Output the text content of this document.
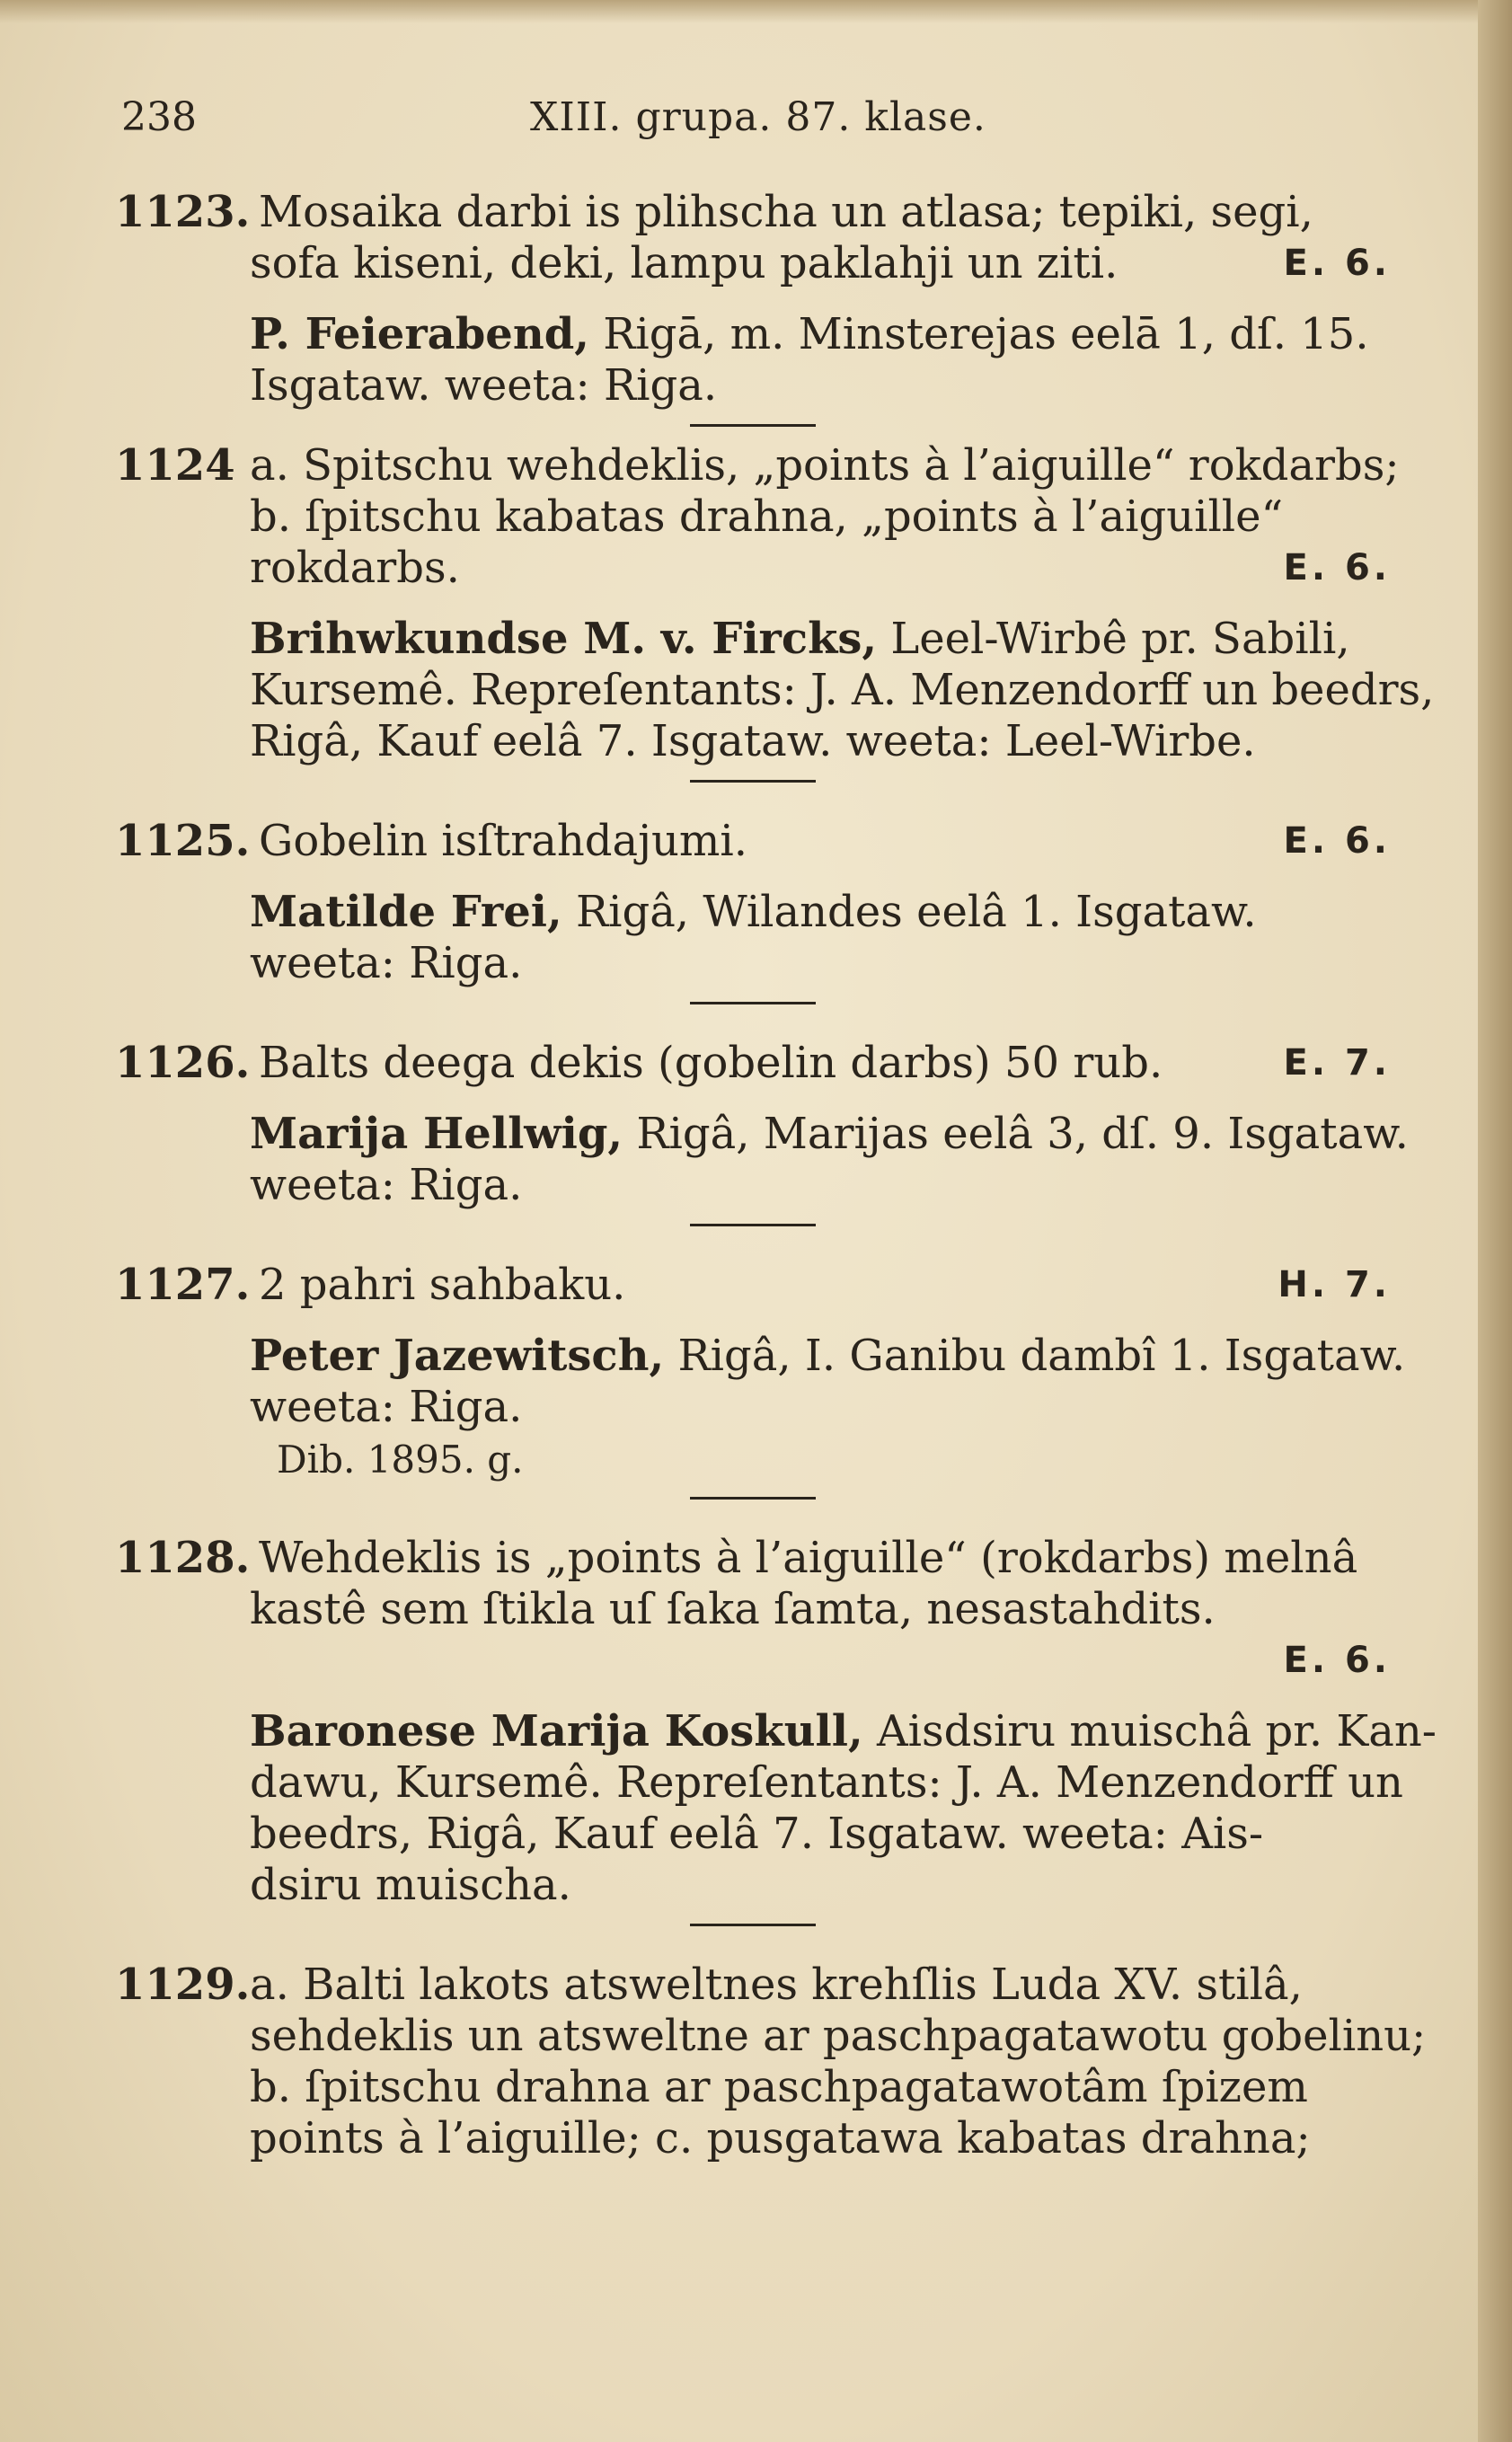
238	XIII. grupa. 87. klase.
1123. Mosaika darbi is plihscha un atlasa; tepiki, segi,
sofa kiseni, deki, lampu paklahji un ziti.	E. 6.
P. Feierabend, Rigā, m. Minsterejas eelā 1, dſ. 15.
Isgataw. weeta: Riga.
1124 a. Spitschu wehdeklis, „points à l’aiguille“ rokdarbs;
b. ſpitschu kabatas drahna, „points à l’aiguille“
rokdarbs.	E. 6.
Brihwkundse M. v. Fircks, Leel-Wirbê pr. Sabili,
Kursemê. Repreſentants: J. A. Menzendorff un beedrs,
Rigâ, Kauf eelâ 7. Isgataw. weeta: Leel-Wirbe.
1125. Gobelin isſtrahdajumi.	E. 6.
Matilde Frei, Rigâ, Wilandes eelâ 1. Isgataw.
weeta: Riga.
1126. Balts deega dekis (gobelin darbs) 50 rub.	E. 7.
Marija Hellwig, Rigâ, Marijas eelâ 3, dſ. 9. Isgataw.
weeta: Riga.
1127. 2 pahri sahbaku.	H. 7.
Peter Jazewitsch, Rigâ, I. Ganibu dambî 1. Isgataw.
weeta: Riga.
Dib. 1895. g.
1128. Wehdeklis is „points à l’aiguille“ (rokdarbs) melnâ
kastê sem ſtikla uſ ſaka ſamta, nesastahdits.
E. 6.
Baronese Marija Koskull, Aisdsiru muischâ pr. Kan-
dawu, Kursemê. Repreſentants: J. A. Menzendorff un
beedrs, Rigâ, Kauf eelâ 7. Isgataw. weeta: Ais-
dsiru muischa.
1129.a. Balti lakots atsweltnes krehſlis Luda XV. stilâ,
sehdeklis un atsweltne ar paschpagatawotu gobelinu;
b. ſpitschu drahna ar paschpagatawotâm ſpizem
points à l’aiguille; c. pusgatawa kabatas drahna;
